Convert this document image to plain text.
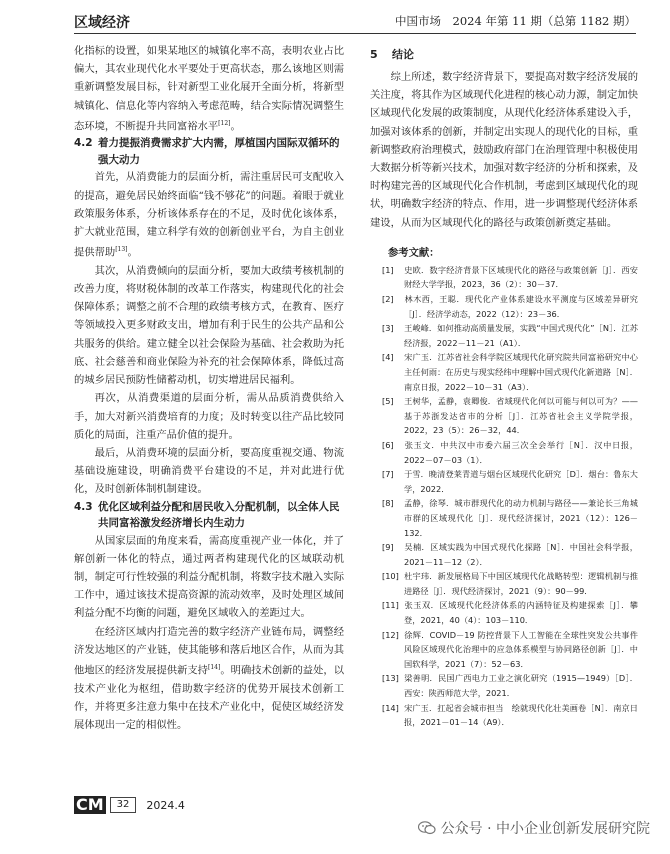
区域经济	中国市场　2024 年第 11 期（总第 1182 期）

化指标的设置，如果某地区的城镇化率不高，表明农业占比偏大，其农业现代化水平要处于更高状态，那么该地区则需重新调整发展目标，针对新型工业化展开全面分析，将新型城镇化、信息化等内容纳入考虑范畴，结合实际情况调整生态环境，不断提升共同富裕水平[12]。

4.2 着力提振消费需求扩大内需，厚植国内国际双循环的强大动力

首先，从消费能力的层面分析，需注重居民可支配收入的提高，避免居民始终面临“钱不够花”的问题。着眼于就业政策服务体系，分析该体系存在的不足，及时优化该体系，扩大就业范围，建立科学有效的创新创业平台，为自主创业提供帮助[13]。

其次，从消费倾向的层面分析，要加大政绩考核机制的改善力度，将财税体制的改革工作落实，构建现代化的社会保障体系；调整之前不合理的政绩考核方式，在教育、医疗等领域投入更多财政支出，增加有利于民生的公共产品和公共服务的供给。建立健全以社会保险为基础、社会救助为托底、社会慈善和商业保险为补充的社会保障体系，降低过高的城乡居民预防性储蓄动机，切实增进居民福利。

再次，从消费渠道的层面分析，需从品质消费供给入手，加大对新兴消费培育的力度；及时转变以往产品比较同质化的局面，注重产品价值的提升。

最后，从消费环境的层面分析，要高度重视交通、物流基础设施建设，明确消费平台建设的不足，并对此进行优化，及时创新体制机制建设。

4.3 优化区域利益分配和居民收入分配机制，以全体人民共同富裕激发经济增长内生动力

从国家层面的角度来看，需高度重视产业一体化，并了解创新一体化的特点，通过两者构建现代化的区域联动机制，制定可行性较强的利益分配机制，将数字技术融入实际工作中，通过该技术提高资源的流动效率，及时处理区域间利益分配不均衡的问题，避免区域收入的差距过大。

在经济区域内打造完善的数字经济产业链布局，调整经济发达地区的产业链，使其能够和落后地区合作，从而为其他地区的经济发展提供新支持[14]。明确技术创新的益处，以技术产业化为枢纽，借助数字经济的优势开展技术创新工作，并将更多注意力集中在技术产业化中，促使区域经济发展体现出一定的相似性。

5 结论

综上所述，数字经济背景下，要提高对数字经济发展的关注度，将其作为区域现代化进程的核心动力源，制定加快区域现代化发展的政策制度，从现代化经济体系建设入手，加强对该体系的创新，并制定出实现人的现代化的目标，重新调整政府治理模式，鼓励政府部门在治理管理中积极使用大数据分析等新兴技术，加强对数字经济的分析和探索，及时构建完善的区域现代化合作机制，考虑到区域现代化的现状，明确数字经济的特点、作用，进一步调整现代经济体系建设，从而为区域现代化的路径与政策创新奠定基础。

参考文献：

[1] 史欧．数字经济背景下区域现代化的路径与政策创新［J］．西安财经大学学报，2023，36（2）：30－37．

[2] 林木西，王聪．现代化产业体系建设水平测度与区域差异研究［J］．经济学动态，2022（12）：23－36．

[3] 王峻峰．如何推动高质量发展，实践“中国式现代化”［N］．江苏经济报，2022－11－21（A1）．

[4] 宋广玉．江苏省社会科学院区域现代化研究院共同富裕研究中心主任何雨：在历史与现实经纬中理解中国式现代化新道路［N］．南京日报，2022－10－31（A3）．

[5] 王树华，孟静，袁卿俊．省域现代化何以可能与何以可为？——基于苏浙发达省市的分析［J］．江苏省社会主义学院学报，2022，23（5）：26－32，44．

[6] 张玉文．中共汉中市委六届三次全会举行［N］．汉中日报，2022－07－03（1）．

[7] 于雪．晚清登莱青道与烟台区域现代化研究［D］．烟台：鲁东大学，2022．

[8] 孟静，徐琴．城市群现代化的动力机制与路径——兼论长三角城市群的区域现代化［J］．现代经济探讨，2021（12）：126－132．

[9] 吴楠．区域实践为中国式现代化探路［N］．中国社会科学报，2021－11－12（2）．

[10] 杜宇玮．新发展格局下中国区域现代化战略转型：逻辑机制与推进路径［J］．现代经济探讨，2021（9）：90－99．

[11] 张玉双．区域现代化经济体系的内涵特征及构建探索［J］．攀登，2021，40（4）：103－110．

[12] 徐辉．COVID－19 防控背景下人工智能在全球性突发公共事件风险区域现代化治理中的应急体系模型与协同路径创新［J］．中国软科学，2021（7）：52－63．

[13] 梁善明．民国广西电力工业之演化研究（1915—1949）［D］．西安：陕西师范大学，2021．

[14] 宋广玉．扛起省会城市担当　绘就现代化壮美画卷［N］．南京日报，2021－01－14（A9）．

CM	32	2024.4
公众号 · 中小企业创新发展研究院
